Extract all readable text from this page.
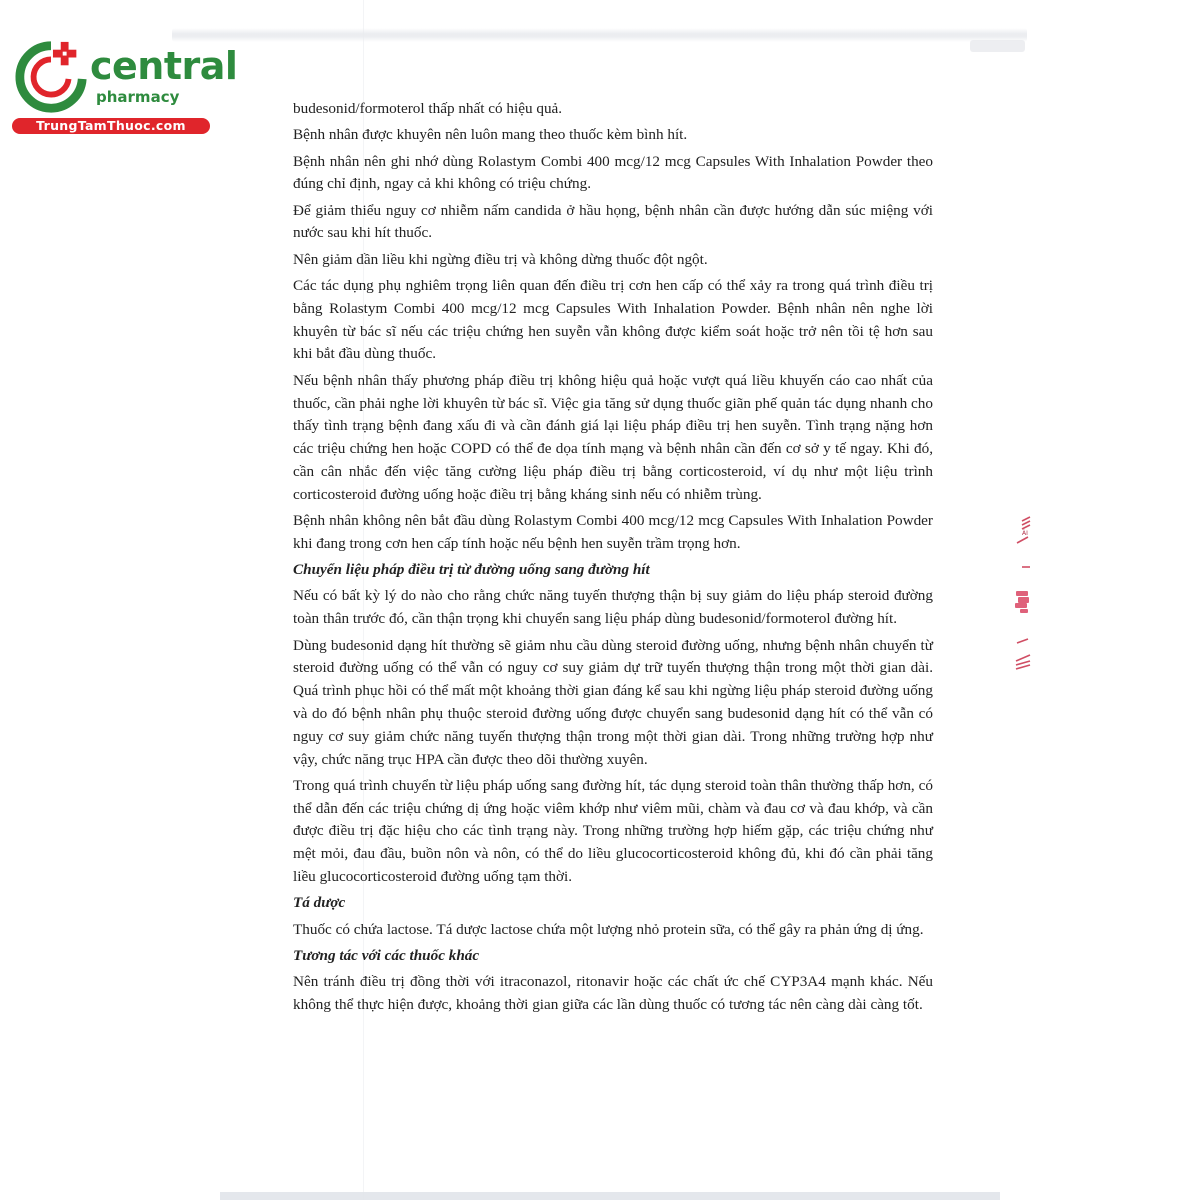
central
pharmacy
TrungTamThuoc.com

budesonid/formoterol thấp nhất có hiệu quả.

Bệnh nhân được khuyên nên luôn mang theo thuốc kèm bình hít.

Bệnh nhân nên ghi nhớ dùng Rolastym Combi 400 mcg/12 mcg Capsules With Inhalation Powder theo đúng chỉ định, ngay cả khi không có triệu chứng.

Để giảm thiểu nguy cơ nhiễm nấm candida ở hầu họng, bệnh nhân cần được hướng dẫn súc miệng với nước sau khi hít thuốc.

Nên giảm dần liều khi ngừng điều trị và không dừng thuốc đột ngột.

Các tác dụng phụ nghiêm trọng liên quan đến điều trị cơn hen cấp có thể xảy ra trong quá trình điều trị bằng Rolastym Combi 400 mcg/12 mcg Capsules With Inhalation Powder. Bệnh nhân nên nghe lời khuyên từ bác sĩ nếu các triệu chứng hen suyễn vẫn không được kiểm soát hoặc trở nên tồi tệ hơn sau khi bắt đầu dùng thuốc.

Nếu bệnh nhân thấy phương pháp điều trị không hiệu quả hoặc vượt quá liều khuyến cáo cao nhất của thuốc, cần phải nghe lời khuyên từ bác sĩ. Việc gia tăng sử dụng thuốc giãn phế quản tác dụng nhanh cho thấy tình trạng bệnh đang xấu đi và cần đánh giá lại liệu pháp điều trị hen suyễn. Tình trạng nặng hơn các triệu chứng hen hoặc COPD có thể đe dọa tính mạng và bệnh nhân cần đến cơ sở y tế ngay. Khi đó, cần cân nhắc đến việc tăng cường liệu pháp điều trị bằng corticosteroid, ví dụ như một liệu trình corticosteroid đường uống hoặc điều trị bằng kháng sinh nếu có nhiễm trùng.

Bệnh nhân không nên bắt đầu dùng Rolastym Combi 400 mcg/12 mcg Capsules With Inhalation Powder khi đang trong cơn hen cấp tính hoặc nếu bệnh hen suyễn trầm trọng hơn.

Chuyển liệu pháp điều trị từ đường uống sang đường hít

Nếu có bất kỳ lý do nào cho rằng chức năng tuyến thượng thận bị suy giảm do liệu pháp steroid đường toàn thân trước đó, cần thận trọng khi chuyển sang liệu pháp dùng budesonid/formoterol đường hít.

Dùng budesonid dạng hít thường sẽ giảm nhu cầu dùng steroid đường uống, nhưng bệnh nhân chuyển từ steroid đường uống có thể vẫn có nguy cơ suy giảm dự trữ tuyến thượng thận trong một thời gian dài. Quá trình phục hồi có thể mất một khoảng thời gian đáng kể sau khi ngừng liệu pháp steroid đường uống và do đó bệnh nhân phụ thuộc steroid đường uống được chuyển sang budesonid dạng hít có thể vẫn có nguy cơ suy giảm chức năng tuyến thượng thận trong một thời gian dài. Trong những trường hợp như vậy, chức năng trục HPA cần được theo dõi thường xuyên.

Trong quá trình chuyển từ liệu pháp uống sang đường hít, tác dụng steroid toàn thân thường thấp hơn, có thể dẫn đến các triệu chứng dị ứng hoặc viêm khớp như viêm mũi, chàm và đau cơ và đau khớp, và cần được điều trị đặc hiệu cho các tình trạng này. Trong những trường hợp hiếm gặp, các triệu chứng như mệt mỏi, đau đầu, buồn nôn và nôn, có thể do liều glucocorticosteroid không đủ, khi đó cần phải tăng liều glucocorticosteroid đường uống tạm thời.

Tá dược

Thuốc có chứa lactose. Tá dược lactose chứa một lượng nhỏ protein sữa, có thể gây ra phản ứng dị ứng.

Tương tác với các thuốc khác

Nên tránh điều trị đồng thời với itraconazol, ritonavir hoặc các chất ức chế CYP3A4 mạnh khác. Nếu không thể thực hiện được, khoảng thời gian giữa các lần dùng thuốc có tương tác nên càng dài càng tốt.

ÀI
